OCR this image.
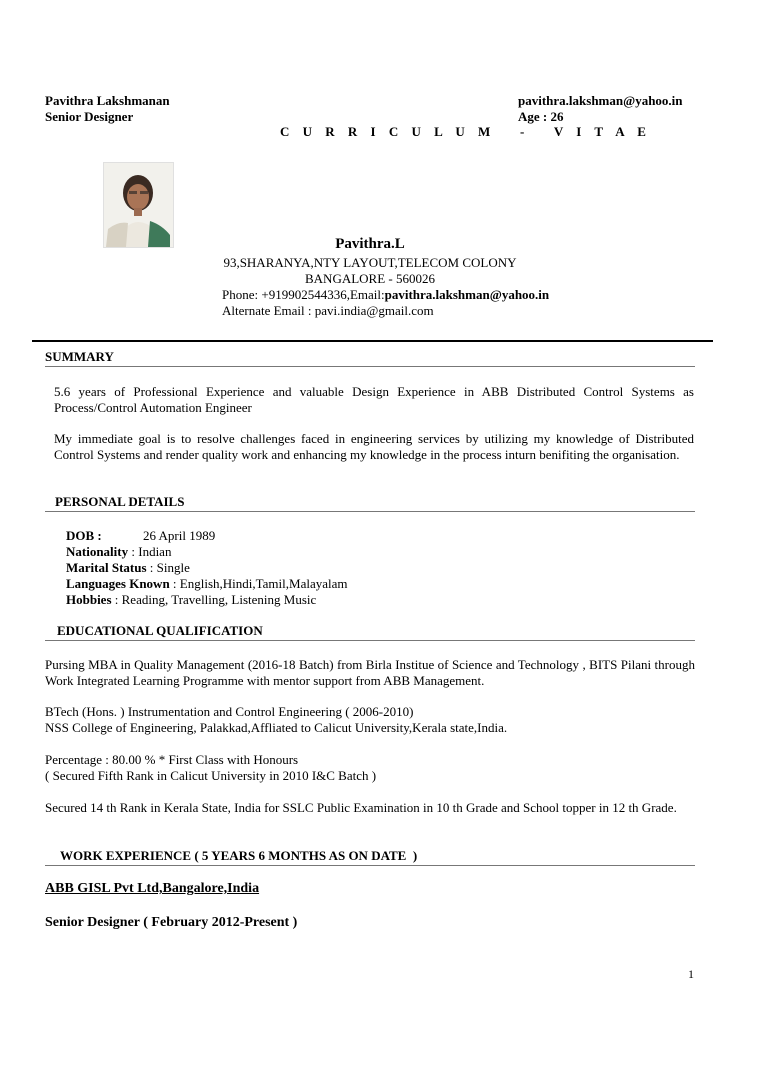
Pavithra Lakshmanan
Senior Designer
pavithra.lakshman@yahoo.in
Age : 26
C U R R I C U L U M   -   V I T A E
Pavithra.L
93,SHARANYA,NTY LAYOUT,TELECOM COLONY
BANGALORE - 560026
Phone: +919902544336,Email:pavithra.lakshman@yahoo.in
Alternate Email : pavi.india@gmail.com
SUMMARY
5.6 years of Professional Experience and valuable Design Experience in ABB Distributed Control Systems as Process/Control Automation Engineer
My immediate goal is to resolve challenges faced in engineering services by utilizing my knowledge of Distributed Control Systems and render quality work and enhancing my knowledge in the process inturn benifiting the organisation.
PERSONAL DETAILS
DOB :	26 April 1989
Nationality : Indian
Marital Status : Single
Languages Known : English,Hindi,Tamil,Malayalam
Hobbies : Reading, Travelling, Listening Music
EDUCATIONAL QUALIFICATION
Pursing MBA in Quality Management (2016-18 Batch) from Birla Institue of Science and Technology , BITS Pilani through Work Integrated Learning Programme with mentor support from ABB Management.
BTech (Hons. ) Instrumentation and Control Engineering ( 2006-2010)
NSS College of Engineering, Palakkad,Affliated to Calicut University,Kerala state,India.
Percentage : 80.00 % * First Class with Honours
( Secured Fifth Rank in Calicut University in 2010 I&C Batch )
Secured 14 th Rank in Kerala State, India for SSLC Public Examination in 10 th Grade and School topper in 12 th Grade.
WORK EXPERIENCE ( 5 YEARS 6 MONTHS AS ON DATE  )
ABB GISL Pvt Ltd,Bangalore,India
Senior Designer ( February 2012-Present )
1
